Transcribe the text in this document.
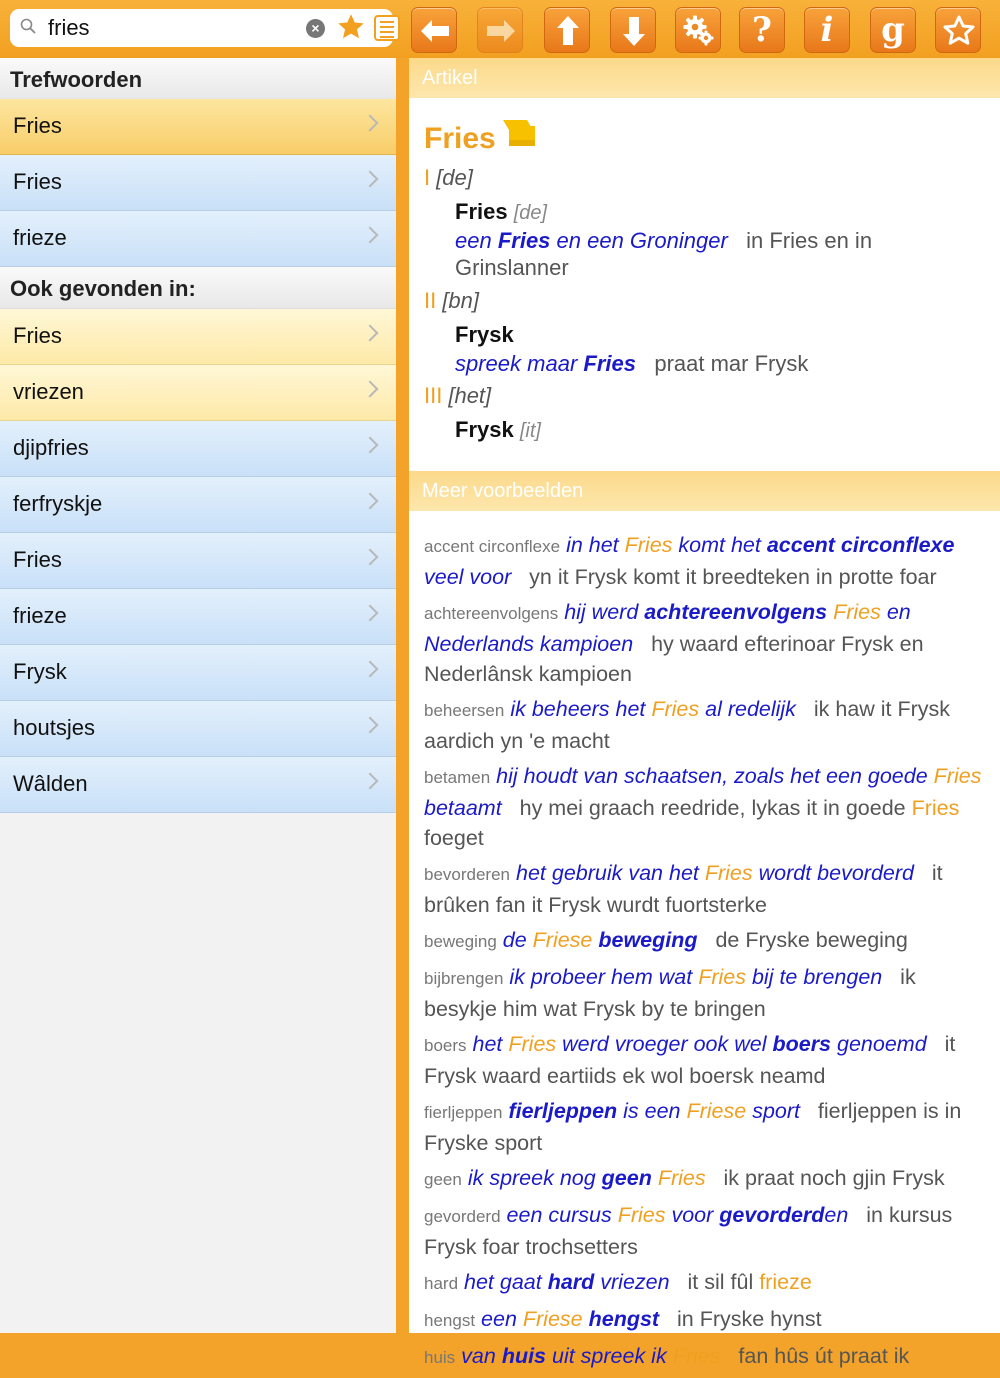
Trefwoorden
Fries
Fries
frieze
Ook gevonden in:
Fries
vriezen
djipfries
ferfryskje
Fries
frieze
Frysk
houtsjes
Wâlden
fries
×	?	i	g
Artikel
Fries
I [de]
Fries [de]
een Fries en een Groninger in Fries en in Grinslanner
II [bn]
Frysk
spreek maar Fries praat mar Frysk
III [het]
Frysk [it]
Meer voorbeelden
accent circonflexe in het Fries komt het accent circonflexe veel voor yn it Frysk komt it breedteken in protte foar
achtereenvolgens hij werd achtereenvolgens Fries en Nederlands kampioen hy waard efterinoar Frysk en Nederlânsk kampioen
beheersen ik beheers het Fries al redelijk ik haw it Frysk aardich yn 'e macht
betamen hij houdt van schaatsen, zoals het een goede Fries betaamt hy mei graach reedride, lykas it in goede Fries foeget
bevorderen het gebruik van het Fries wordt bevorderd it brûken fan it Frysk wurdt fuortsterke
beweging de Friese beweging de Fryske beweging
bijbrengen ik probeer hem wat Fries bij te brengen ik besykje him wat Frysk by te bringen
boers het Fries werd vroeger ook wel boers genoemd it Frysk waard eartiids ek wol boersk neamd
fierljeppen fierljeppen is een Friese sport fierljeppen is in Fryske sport
geen ik spreek nog geen Fries ik praat noch gjin Frysk
gevorderd een cursus Fries voor gevorderden in kursus Frysk foar trochsetters
hard het gaat hard vriezen it sil fûl frieze
hengst een Friese hengst in Fryske hynst
huis van huis uit spreek ik Fries fan hûs út praat ik
